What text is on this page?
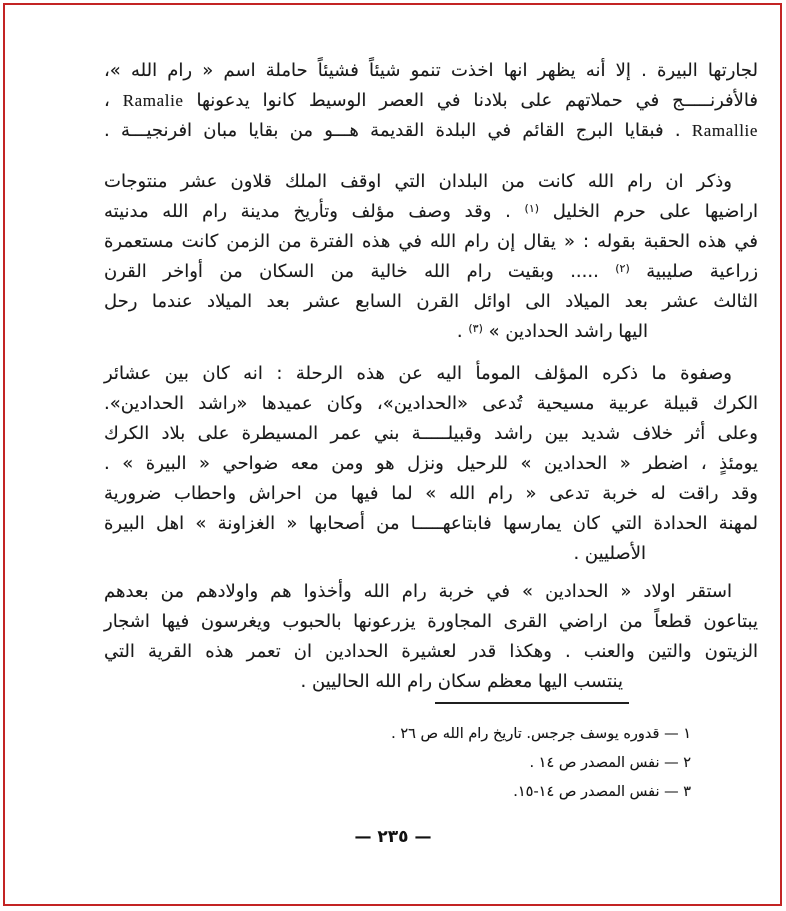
لجارتها البيرة . إلا أنه يظهر انها اخذت تنمو شيئاً فشيئاً حاملة اسم « رام الله »،
فالأفرنـــــج في حملاتهم على بلادنا في العصر الوسيط كانوا يدعونها Ramalie ،
Ramallie . فبقايا البرج القائم في البلدة القديمة هـــو من بقايا مبان افرنجيـــة .
وذكر ان رام الله كانت من البلدان التي اوقف الملك قلاون عشر منتوجات
اراضيها على حرم الخليل $^{(١)}$ . وقد وصف مؤلف وتأريخ مدينة رام الله مدنيته
في هذه الحقبة بقوله : « يقال إن رام الله في هذه الفترة من الزمن كانت مستعمرة
زراعية صليبية $^{(٢)}$ ..... وبقيت رام الله خالية من السكان من أواخر القرن
الثالث عشر بعد الميلاد الى اوائل القرن السابع عشر بعد الميلاد عندما رحل
اليها راشد الحدادين » $^{(٣)}$ .
وصفوة ما ذكره المؤلف المومأ اليه عن هذه الرحلة : انه كان بين عشائر
الكرك قبيلة عربية مسيحية تُدعى «الحدادين»، وكان عميدها «راشد الحدادين».
وعلى أثر خلاف شديد بين راشد وقبيلـــــة بني عمر المسيطرة على بلاد الكرك
يومئذٍ ، اضطر « الحدادين » للرحيل ونزل هو ومن معه ضواحي « البيرة » .
وقد راقت له خربة تدعى « رام الله » لما فيها من احراش واحطاب ضرورية
لمهنة الحدادة التي كان يمارسها فابتاعهـــــا من أصحابها « الغزاونة » اهل البيرة
الأصليين .
استقر اولاد « الحدادين » في خربة رام الله وأخذوا هم واولادهم من بعدهم
يبتاعون قطعاً من اراضي القرى المجاورة يزرعونها بالحبوب ويغرسون فيها اشجار
الزيتون والتين والعنب . وهكذا قدر لعشيرة الحدادين ان تعمر هذه القرية التي
ينتسب اليها معظم سكان رام الله الحاليين .
١ — قدوره يوسف جرجس. تاريخ رام الله ص ٢٦ .
٢ — نفس المصدر ص ١٤ .
٣ — نفس المصدر ص ١٤-١٥.
— ٢٣٥ —
